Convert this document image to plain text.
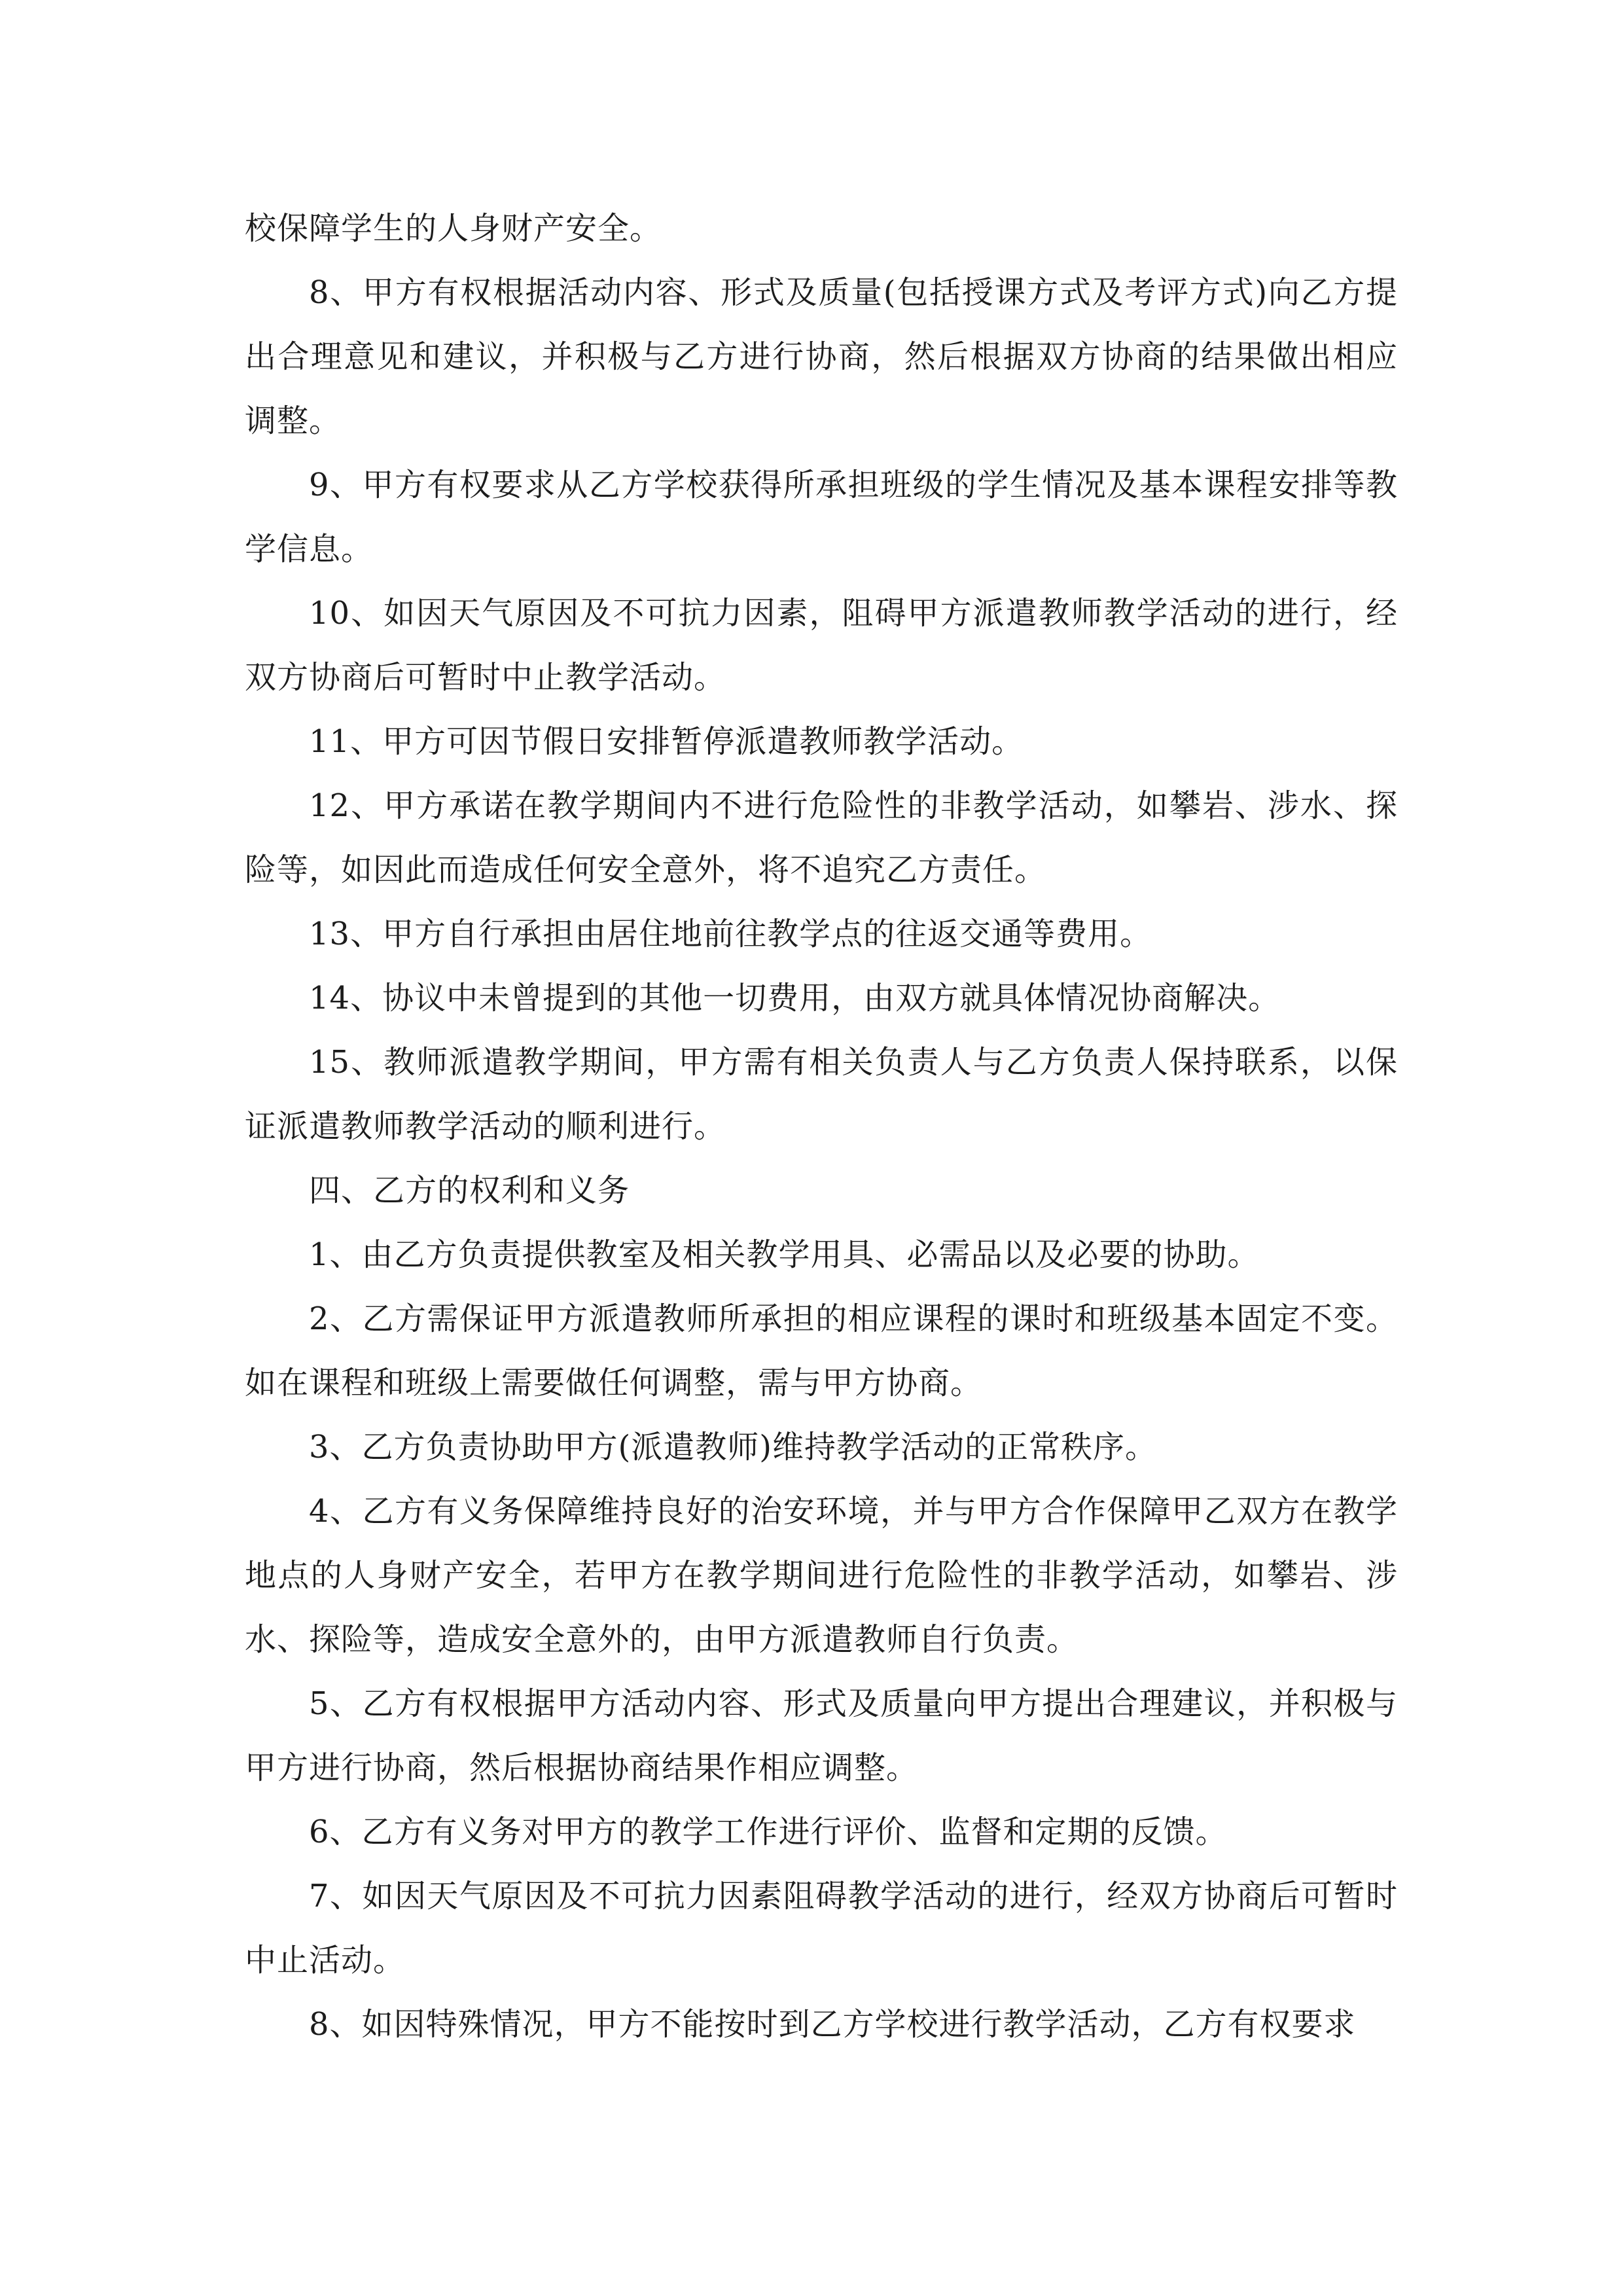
校保障学生的人身财产安全。

8、甲方有权根据活动内容、形式及质量(包括授课方式及考评方式)向乙方提出合理意见和建议，并积极与乙方进行协商，然后根据双方协商的结果做出相应调整。

9、甲方有权要求从乙方学校获得所承担班级的学生情况及基本课程安排等教学信息。

10、如因天气原因及不可抗力因素，阻碍甲方派遣教师教学活动的进行，经双方协商后可暂时中止教学活动。

11、甲方可因节假日安排暂停派遣教师教学活动。

12、甲方承诺在教学期间内不进行危险性的非教学活动，如攀岩、涉水、探险等，如因此而造成任何安全意外，将不追究乙方责任。

13、甲方自行承担由居住地前往教学点的往返交通等费用。

14、协议中未曾提到的其他一切费用，由双方就具体情况协商解决。

15、教师派遣教学期间，甲方需有相关负责人与乙方负责人保持联系，以保证派遣教师教学活动的顺利进行。

四、乙方的权利和义务

1、由乙方负责提供教室及相关教学用具、必需品以及必要的协助。

2、乙方需保证甲方派遣教师所承担的相应课程的课时和班级基本固定不变。如在课程和班级上需要做任何调整，需与甲方协商。

3、乙方负责协助甲方(派遣教师)维持教学活动的正常秩序。

4、乙方有义务保障维持良好的治安环境，并与甲方合作保障甲乙双方在教学地点的人身财产安全，若甲方在教学期间进行危险性的非教学活动，如攀岩、涉水、探险等，造成安全意外的，由甲方派遣教师自行负责。

5、乙方有权根据甲方活动内容、形式及质量向甲方提出合理建议，并积极与甲方进行协商，然后根据协商结果作相应调整。

6、乙方有义务对甲方的教学工作进行评价、监督和定期的反馈。

7、如因天气原因及不可抗力因素阻碍教学活动的进行，经双方协商后可暂时中止活动。

8、如因特殊情况，甲方不能按时到乙方学校进行教学活动，乙方有权要求
